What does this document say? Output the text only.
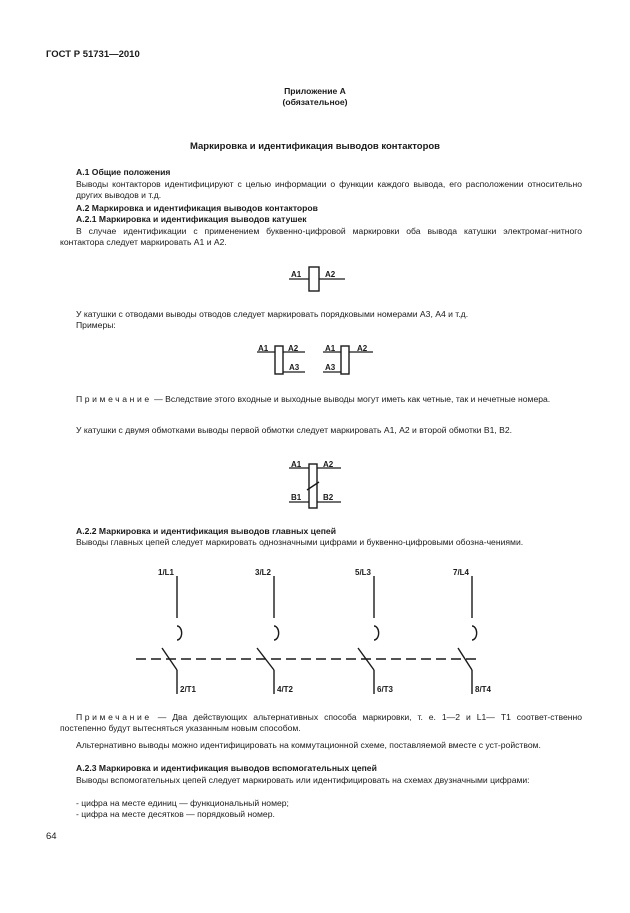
ГОСТ Р 51731—2010
Приложение А
(обязательное)
Маркировка и идентификация выводов контакторов
А.1 Общие положения
Выводы контакторов идентифицируют с целью информации о функции каждого вывода, его расположении относительно других выводов и т.д.
А.2 Маркировка и идентификация выводов контакторов
А.2.1 Маркировка и идентификация выводов катушек
В случае идентификации с применением буквенно-цифровой маркировки оба вывода катушки электромаг-нитного контактора следует маркировать А1 и А2.
A1	A2
У катушки с отводами выводы отводов следует маркировать порядковыми номерами А3, А4 и т.д.
Примеры:
A1 A2
A3
A1	A2
A3
Примечание — Вследствие этого входные и выходные выводы могут иметь как четные, так и нечетные номера.
У катушки с двумя обмотками выводы первой обмотки следует маркировать А1, А2 и второй обмотки В1, В2.
A1	A2
B1	B2
А.2.2 Маркировка и идентификация выводов главных цепей
Выводы главных цепей следует маркировать однозначными цифрами и буквенно-цифровыми обозна-чениями.
1/L1
2/T1
3/L2
4/T2
5/L3
6/T3
7/L4
8/T4
Примечание — Два действующих альтернативных способа маркировки, т. е. 1—2 и L1— Т1 соответ-ственно постепенно будут вытесняться указанным новым способом.
Альтернативно выводы можно идентифицировать на коммутационной схеме, поставляемой вместе с уст-ройством.
А.2.3 Маркировка и идентификация выводов вспомогательных цепей
Выводы вспомогательных цепей следует маркировать или идентифицировать на схемах двузначными цифрами:
- цифра на месте единиц — функциональный номер;
- цифра на месте десятков — порядковый номер.
64
